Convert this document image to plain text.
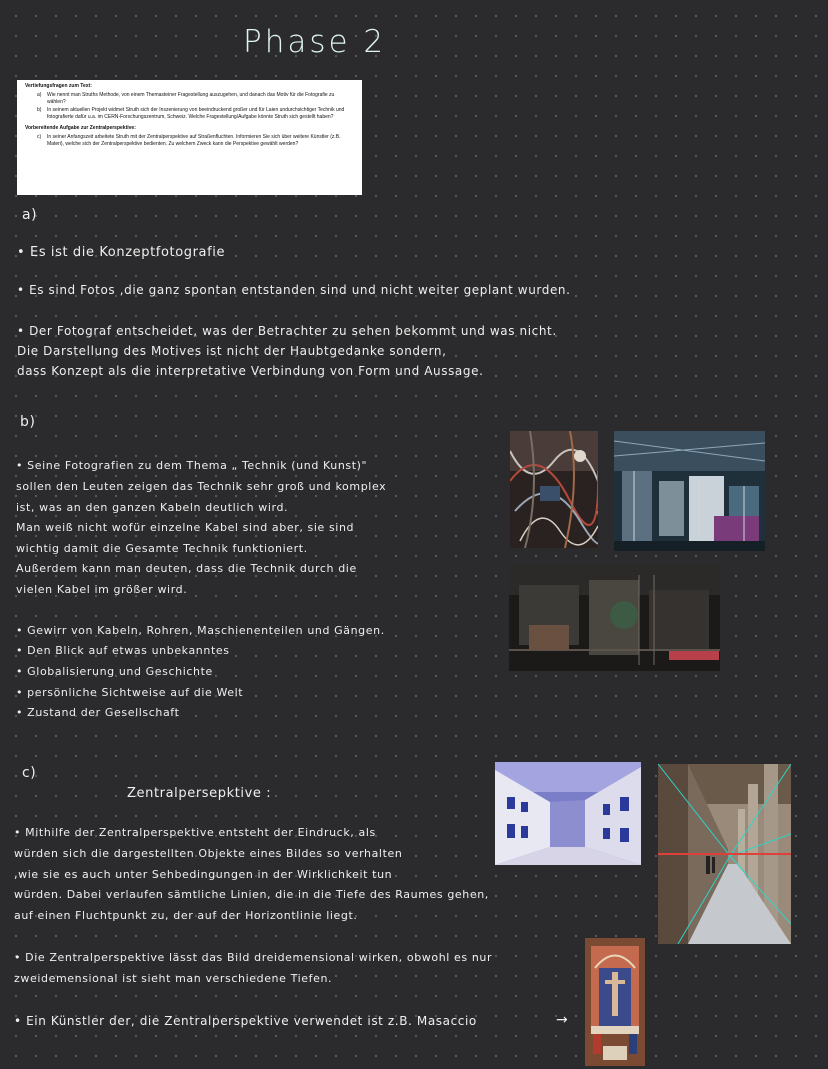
Phase 2
Vertiefungsfragen zum Text:
a)	Wie nennt man Struths Methode, von einem Themasteiner Fragestellung auszugehen, und danach das Motiv für die Fotografie zu wählen?
b)	In seinem aktuellen Projekt widmet Struth sich der Inszenierung von beeindruckend großer und für Laien undurchsichtiger Technik und fotografierte dafür u.a. im CERN-Forschungszentrum, Schweiz. Welche Fragestellung/Aufgabe könnte Struth sich gestellt haben?
Vorbereitende Aufgabe zur Zentralperspektive:
c)	In seiner Anfangszeit arbeitete Struth mit der Zentralperspektive auf Straßenfluchten. Informieren Sie sich über weitere Künstler (z.B. Materi), welche sich der Zentralperspektive bedienten. Zu welchem Zweck kann die Perspektive gewählt werden?
a)
• Es ist die Konzeptfotografie
• Es sind Fotos ,die ganz spontan entstanden sind und nicht weiter geplant wurden.
• Der Fotograf entscheidet, was der Betrachter zu sehen bekommt und was nicht.
Die Darstellung des Motives ist nicht der Haubtgedanke sondern,
dass Konzept als die interpretative Verbindung von Form und Aussage.
b)
• Seine Fotografien zu dem Thema „ Technik (und Kunst)"
sollen den Leuten zeigen das Technik sehr groß und komplex
ist, was an den ganzen Kabeln deutlich wird.
Man weiß nicht wofür einzelne Kabel sind aber, sie sind
wichtig damit die Gesamte Technik funktioniert.
Außerdem kann man deuten, dass die Technik durch die
vielen Kabel im größer wird.
• Gewirr von Kabeln, Rohren, Maschienenteilen und Gängen.
• Den Blick auf etwas unbekanntes
• Globalisierung und Geschichte
• persönliche Sichtweise auf die Welt
• Zustand der Gesellschaft
c)
Zentralpersepktive :
• Mithilfe der Zentralperspektive entsteht der Eindruck, als
würden sich die dargestellten Objekte eines Bildes so verhalten
,wie sie es auch unter Sehbedingungen in der Wirklichkeit tun
würden. Dabei verlaufen sämtliche Linien, die in die Tiefe des Raumes gehen,
auf einen Fluchtpunkt zu, der auf der Horizontlinie liegt.
• Die Zentralperspektive lässt das Bild dreidemensional wirken, obwohl es nur
zweidemensional ist sieht man verschiedene Tiefen.
• Ein Künstler der, die Zentralperspektive verwendet ist z.B. Masaccio	→
